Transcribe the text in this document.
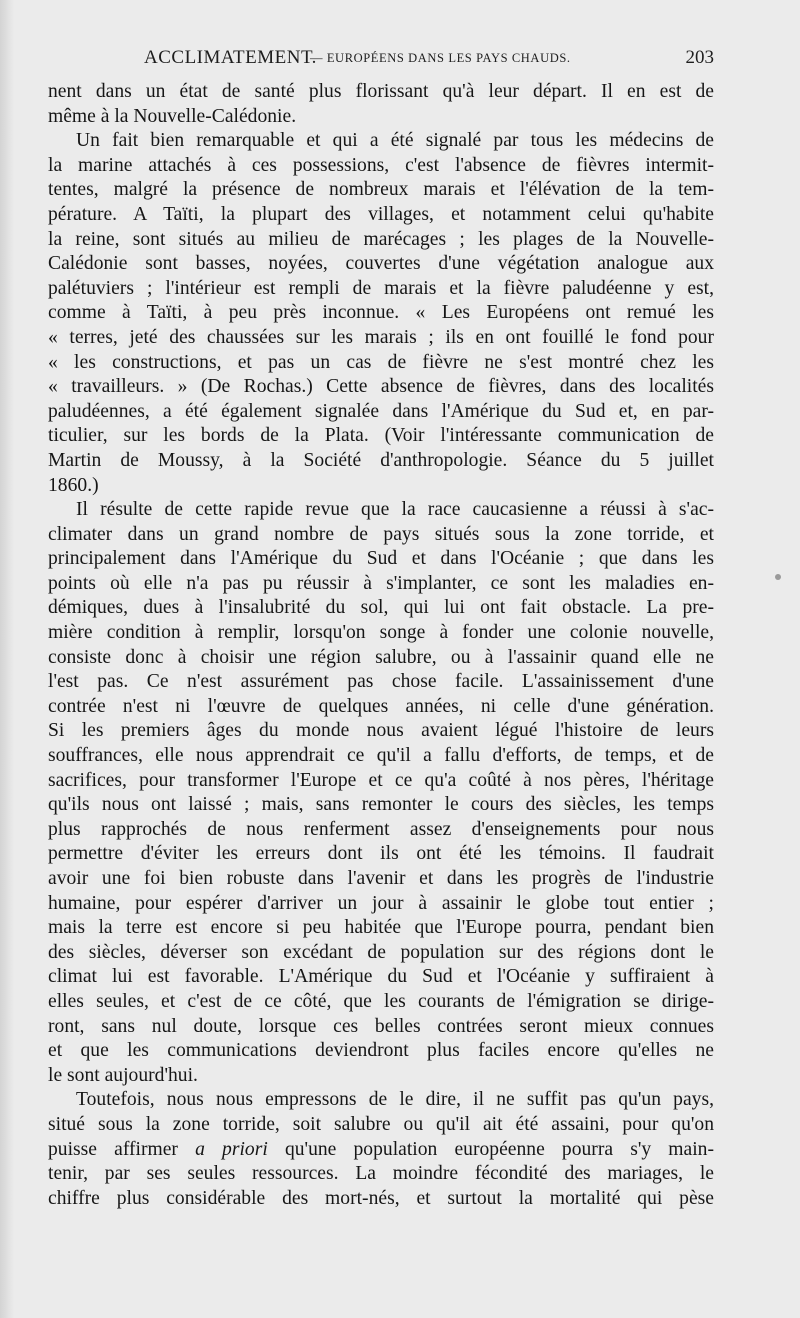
ACCLIMATEMENT.
— EUROPÉENS DANS LES PAYS CHAUDS.	203
nent dans un état de santé plus florissant qu'à leur départ. Il en est de
même à la Nouvelle-Calédonie.
Un fait bien remarquable et qui a été signalé par tous les médecins de
la marine attachés à ces possessions, c'est l'absence de fièvres intermit-
tentes, malgré la présence de nombreux marais et l'élévation de la tem-
pérature. A Taïti, la plupart des villages, et notamment celui qu'habite
la reine, sont situés au milieu de marécages ; les plages de la Nouvelle-
Calédonie sont basses, noyées, couvertes d'une végétation analogue aux
palétuviers ; l'intérieur est rempli de marais et la fièvre paludéenne y est,
comme à Taïti, à peu près inconnue. « Les Européens ont remué les
« terres, jeté des chaussées sur les marais ; ils en ont fouillé le fond pour
« les constructions, et pas un cas de fièvre ne s'est montré chez les
« travailleurs. » (De Rochas.) Cette absence de fièvres, dans des localités
paludéennes, a été également signalée dans l'Amérique du Sud et, en par-
ticulier, sur les bords de la Plata. (Voir l'intéressante communication de
Martin de Moussy, à la Société d'anthropologie. Séance du 5 juillet
1860.)
Il résulte de cette rapide revue que la race caucasienne a réussi à s'ac-
climater dans un grand nombre de pays situés sous la zone torride, et
principalement dans l'Amérique du Sud et dans l'Océanie ; que dans les
points où elle n'a pas pu réussir à s'implanter, ce sont les maladies en-
démiques, dues à l'insalubrité du sol, qui lui ont fait obstacle. La pre-
mière condition à remplir, lorsqu'on songe à fonder une colonie nouvelle,
consiste donc à choisir une région salubre, ou à l'assainir quand elle ne
l'est pas. Ce n'est assurément pas chose facile. L'assainissement d'une
contrée n'est ni l'œuvre de quelques années, ni celle d'une génération.
Si les premiers âges du monde nous avaient légué l'histoire de leurs
souffrances, elle nous apprendrait ce qu'il a fallu d'efforts, de temps, et de
sacrifices, pour transformer l'Europe et ce qu'a coûté à nos pères, l'héritage
qu'ils nous ont laissé ; mais, sans remonter le cours des siècles, les temps
plus rapprochés de nous renferment assez d'enseignements pour nous
permettre d'éviter les erreurs dont ils ont été les témoins. Il faudrait
avoir une foi bien robuste dans l'avenir et dans les progrès de l'industrie
humaine, pour espérer d'arriver un jour à assainir le globe tout entier ;
mais la terre est encore si peu habitée que l'Europe pourra, pendant bien
des siècles, déverser son excédant de population sur des régions dont le
climat lui est favorable. L'Amérique du Sud et l'Océanie y suffiraient à
elles seules, et c'est de ce côté, que les courants de l'émigration se dirige-
ront, sans nul doute, lorsque ces belles contrées seront mieux connues
et que les communications deviendront plus faciles encore qu'elles ne
le sont aujourd'hui.
Toutefois, nous nous empressons de le dire, il ne suffit pas qu'un pays,
situé sous la zone torride, soit salubre ou qu'il ait été assaini, pour qu'on
puisse affirmer a priori qu'une population européenne pourra s'y main-
tenir, par ses seules ressources. La moindre fécondité des mariages, le
chiffre plus considérable des mort-nés, et surtout la mortalité qui pèse
